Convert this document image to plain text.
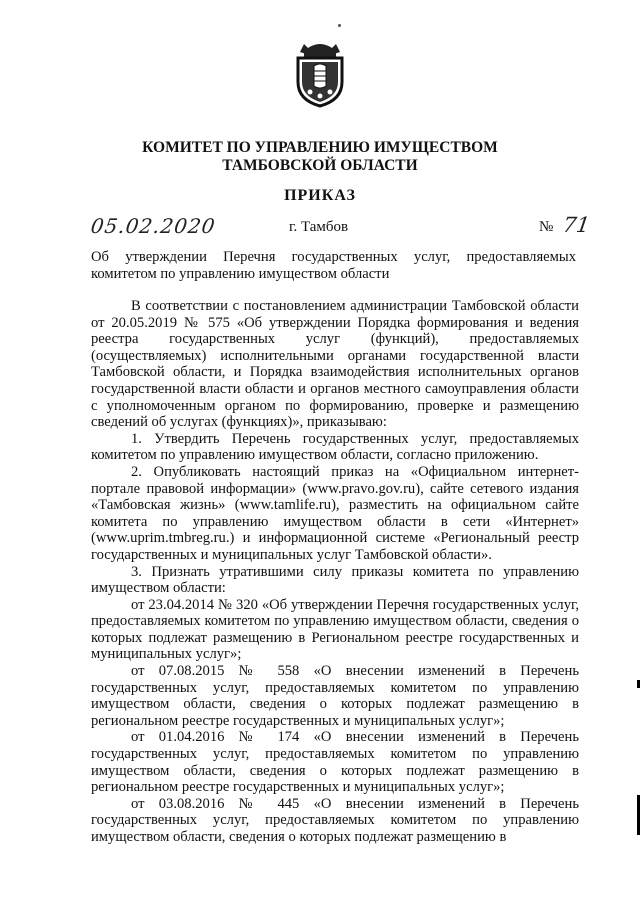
КОМИТЕТ ПО УПРАВЛЕНИЮ ИМУЩЕСТВОМ
ТАМБОВСКОЙ ОБЛАСТИ
ПРИКАЗ
05.02.2020	г. Тамбов	№ 71
Об утверждении Перечня государственных услуг, предоставляемых комитетом по управлению имуществом области

В соответствии с постановлением администрации Тамбовской области от 20.05.2019 № 575 «Об утверждении Порядка формирования и ведения реестра государственных услуг (функций), предоставляемых (осуществляемых) исполнительными органами государственной власти Тамбовской области, и Порядка взаимодействия исполнительных органов государственной власти области и органов местного самоуправления области с уполномоченным органом по формированию, проверке и размещению сведений об услугах (функциях)», приказываю:

1. Утвердить Перечень государственных услуг, предоставляемых комитетом по управлению имуществом области, согласно приложению.

2. Опубликовать настоящий приказ на «Официальном интернет-портале правовой информации» (www.pravo.gov.ru), сайте сетевого издания «Тамбовская жизнь» (www.tamlife.ru), разместить на официальном сайте комитета по управлению имуществом области в сети «Интернет» (www.uprim.tmbreg.ru.) и информационной системе «Региональный реестр государственных и муниципальных услуг Тамбовской области».

3. Признать утратившими силу приказы комитета по управлению имуществом области:

от 23.04.2014 № 320 «Об утверждении Перечня государственных услуг, предоставляемых комитетом по управлению имуществом области, сведения о которых подлежат размещению в Региональном реестре государственных и муниципальных услуг»;

от 07.08.2015 № 558 «О внесении изменений в Перечень государственных услуг, предоставляемых комитетом по управлению имуществом области, сведения о которых подлежат размещению в региональном реестре государственных и муниципальных услуг»;

от 01.04.2016 № 174 «О внесении изменений в Перечень государственных услуг, предоставляемых комитетом по управлению имуществом области, сведения о которых подлежат размещению в региональном реестре государственных и муниципальных услуг»;

от 03.08.2016 № 445 «О внесении изменений в Перечень государственных услуг, предоставляемых комитетом по управлению имуществом области, сведения о которых подлежат размещению в
